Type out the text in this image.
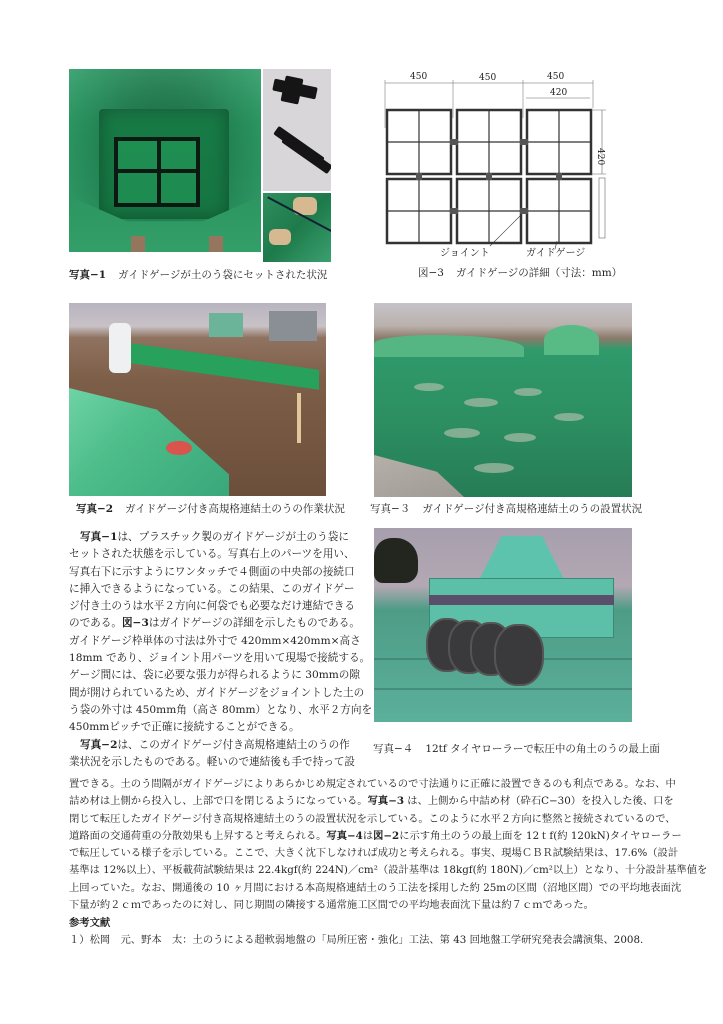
写真−1 ガイドゲージが土のう袋にセットされた状況
450	450	450
420
420
ジョイント	ガイドゲージ
図−3 ガイドゲージの詳細（寸法：mm）
写真−2 ガイドゲージ付き高規格連結土のうの作業状況 写真−３ ガイドゲージ付き高規格連結土のうの設置状況
写真−４ 12tf タイヤローラーで転圧中の角土のうの最上面
写真−1は、プラスチック製のガイドゲージが土のう袋に
セットされた状態を示している。写真右上のパーツを用い、
写真右下に示すようにワンタッチで４側面の中央部の接続口
に挿入できるようになっている。この結果、このガイドゲー
ジ付き土のうは水平２方向に何袋でも必要なだけ連結できる
のである。図−3はガイドゲージの詳細を示したものである。
ガイドゲージ枠単体の寸法は外寸で 420mm×420mm×高さ
18mm であり、ジョイント用パーツを用いて現場で接続する。
ゲージ間には、袋に必要な張力が得られるように 30mmの隙
間が開けられているため、ガイドゲージをジョイントした土の
う袋の外寸は 450mm角（高さ 80mm）となり、水平２方向を
450mmピッチで正確に接続することができる。
写真−2は、このガイドゲージ付き高規格連結土のうの作
業状況を示したものである。軽いので連結後も手で持って設
置できる。土のう間隔がガイドゲージによりあらかじめ規定されているので寸法通りに正確に設置できるのも利点である。なお、中
詰め材は上側から投入し、上部で口を閉じるようになっている。写真−3 は、上側から中詰め材（砕石C−30）を投入した後、口を
閉じて転圧したガイドゲージ付き高規格連結土のうの設置状況を示している。このように水平２方向に整然と接続されているので、
道路面の交通荷重の分散効果も上昇すると考えられる。写真−4は図−2に示す角土のうの最上面を 12ｔf(約 120kN)タイヤローラー
で転圧している様子を示している。ここで、大きく沈下しなければ成功と考えられる。事実、現場ＣＢＲ試験結果は、17.6%（設計
基準は 12%以上）、平板載荷試験結果は 22.4kgf(約 224N)／cm²（設計基準は 18kgf(約 180N)／cm²以上）となり、十分設計基準値を
上回っていた。なお、開通後の 10 ヶ月間における本高規格連結土のう工法を採用した約 25mの区間（沼地区間）での平均地表面沈
下量が約２ｃｍであったのに対し、同じ期間の隣接する通常施工区間での平均地表面沈下量は約７ｃｍであった。
参考文献
１）松岡　元、野本　太：土のうによる超軟弱地盤の「局所圧密・強化」工法、第 43 回地盤工学研究発表会講演集、2008.
